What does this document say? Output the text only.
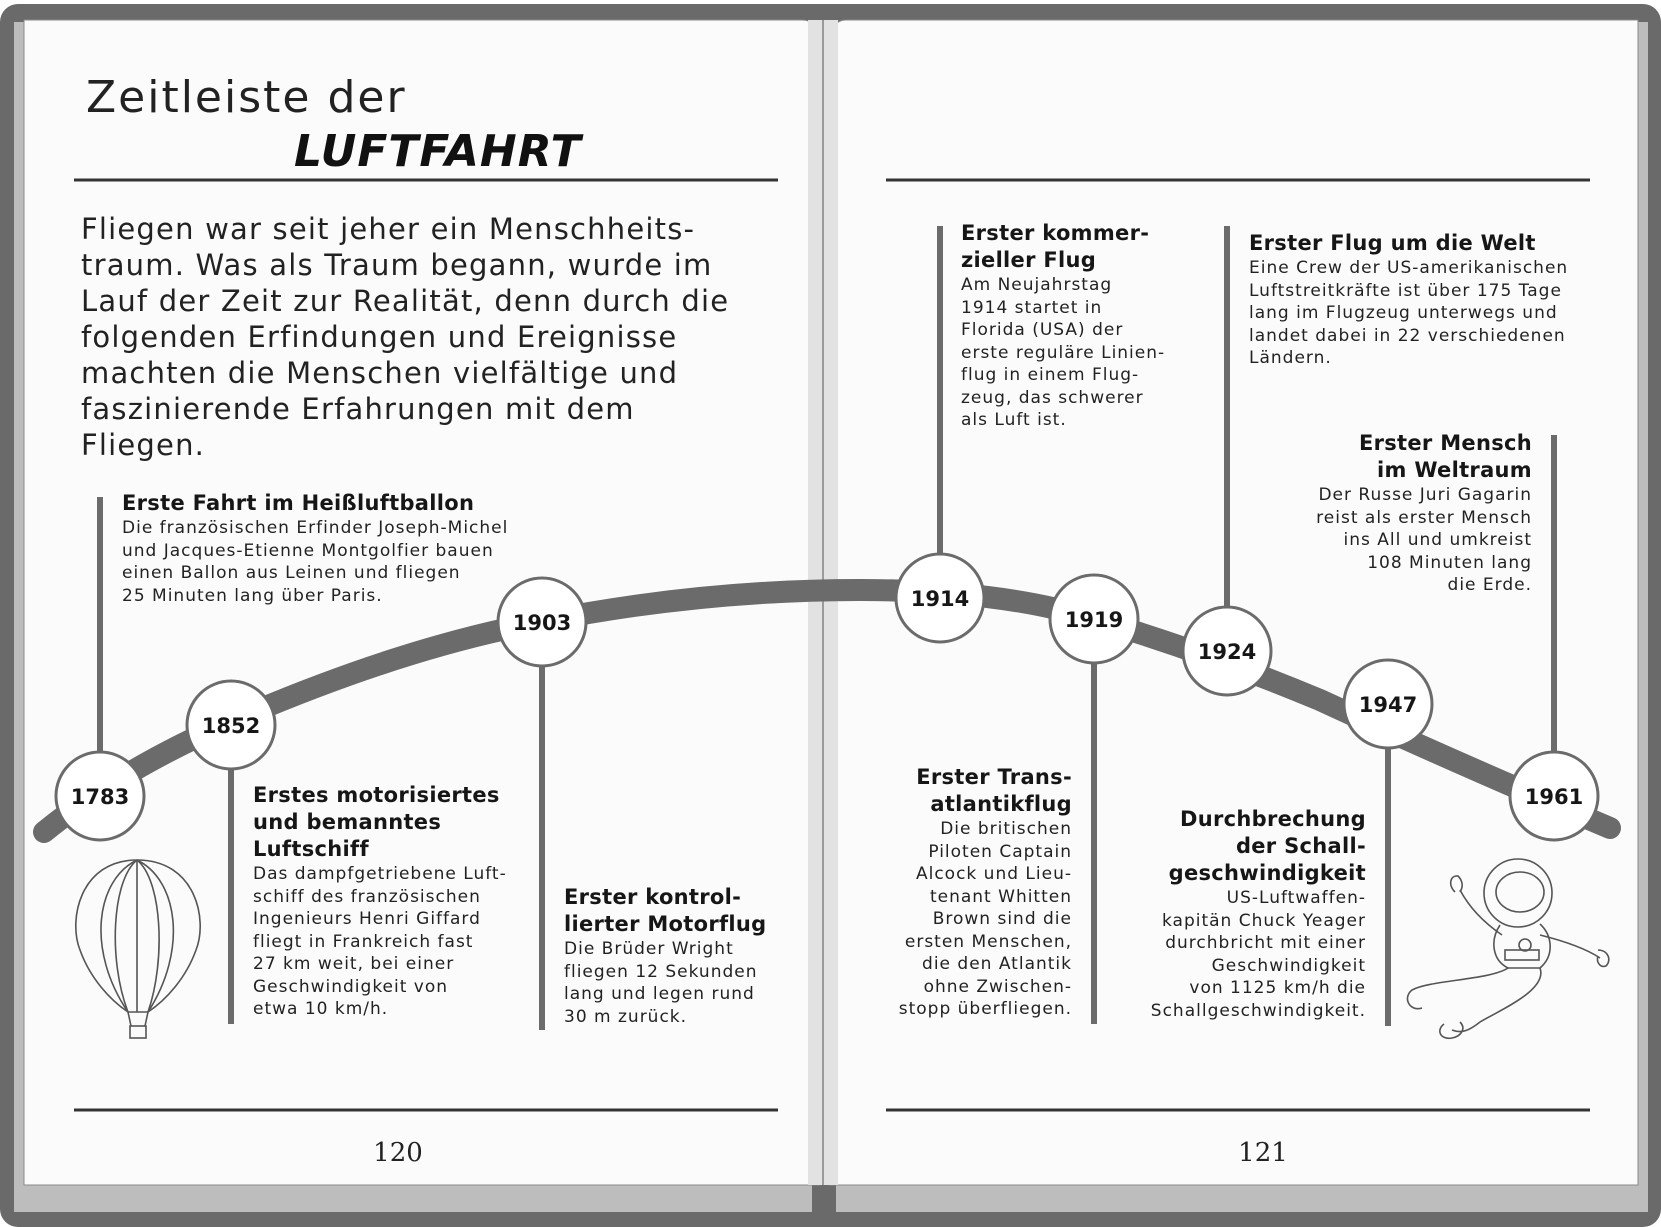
1783
1852
1903
1914
1919
1924
1947
1961
Zeitleiste der
LUFTFAHRT
Fliegen war seit jeher ein Menschheits-
traum. Was als Traum begann, wurde im
Lauf der Zeit zur Realität, denn durch die
folgenden Erfindungen und Ereignisse
machten die Menschen vielfältige und
faszinierende Erfahrungen mit dem
Fliegen.
Erste Fahrt im Heißluftballon
Die französischen Erfinder Joseph-Michel
und Jacques-Etienne Montgolfier bauen
einen Ballon aus Leinen und fliegen
25 Minuten lang über Paris.
Erstes motorisiertes
und bemanntes
Luftschiff
Das dampfgetriebene Luft-
schiff des französischen
Ingenieurs Henri Giffard
fliegt in Frankreich fast
27 km weit, bei einer
Geschwindigkeit von
etwa 10 km/h.
Erster kontrol-
lierter Motorflug
Die Brüder Wright
fliegen 12 Sekunden
lang und legen rund
30 m zurück.
Erster kommer-
zieller Flug
Am Neujahrstag
1914 startet in
Florida (USA) der
erste reguläre Linien-
flug in einem Flug-
zeug, das schwerer
als Luft ist.
Erster Trans-
atlantikflug
Die britischen
Piloten Captain
Alcock und Lieu-
tenant Whitten
Brown sind die
ersten Menschen,
die den Atlantik
ohne Zwischen-
stopp überfliegen.
Erster Flug um die Welt
Eine Crew der US-amerikanischen
Luftstreitkräfte ist über 175 Tage
lang im Flugzeug unterwegs und
landet dabei in 22 verschiedenen
Ländern.
Durchbrechung
der Schall-
geschwindigkeit
US-Luftwaffen-
kapitän Chuck Yeager
durchbricht mit einer
Geschwindigkeit
von 1125 km/h die
Schallgeschwindigkeit.
Erster Mensch
im Weltraum
Der Russe Juri Gagarin
reist als erster Mensch
ins All und umkreist
108 Minuten lang
die Erde.
120	121
